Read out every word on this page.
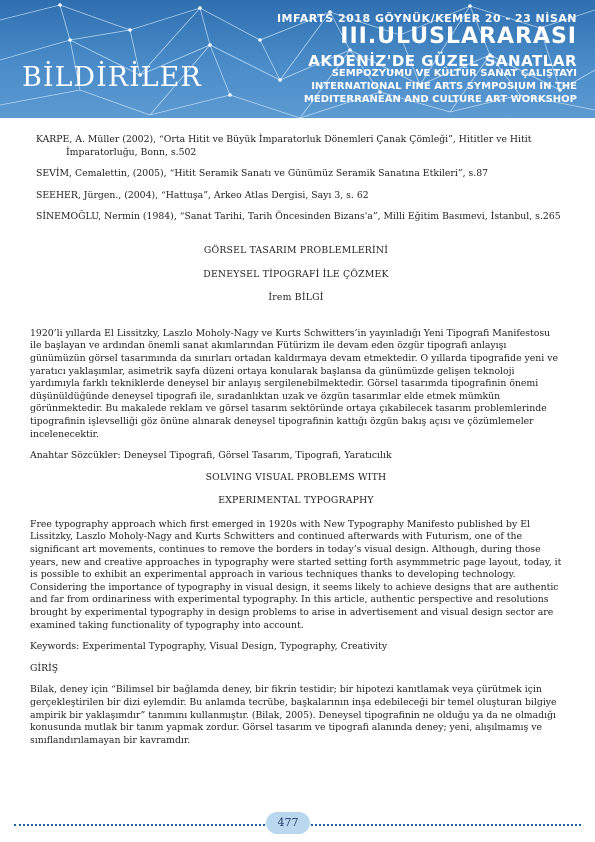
BİLDİRİLER
IMFARTS 2018 GÖYNÜK/KEMER 20 - 23 NİSAN
III.ULUSLARARASI
AKDENİZ'DE GÜZEL SANATLAR
SEMPOZYUMU VE KÜLTÜR SANAT ÇALIŞTAYI
INTERNATIONAL FINE ARTS SYMPOSIUM IN THE
MEDITERRANEAN AND CULTURE ART WORKSHOP

KARPE, A. Müller (2002), “Orta Hitit ve Büyük İmparatorluk Dönemleri Çanak Çömleği”, Hititler ve Hitit İmparatorluğu, Bonn, s.502

SEVİM, Cemalettin, (2005), “Hitit Seramik Sanatı ve Günümüz Seramik Sanatına Etkileri”, s.87

SEEHER, Jürgen., (2004), “Hattuşa”, Arkeo Atlas Dergisi, Sayı 3, s. 62

SİNEMOĞLU, Nermin (1984), “Sanat Tarihi, Tarih Öncesinden Bizans'a”, Milli Eğitim Basımevi, İstanbul, s.265

GÖRSEL TASARIM PROBLEMLERİNİ

DENEYSEL TİPOGRAFİ İLE ÇÖZMEK

İrem BİLGİ

1920’li yıllarda El Lissitzky, Laszlo Moholy-Nagy ve Kurts Schwitters’in yayınladığı Yeni Tipografi Manifestosu ile başlayan ve ardından önemli sanat akımlarından Fütürizm ile devam eden özgür tipografi anlayışı günümüzün görsel tasarımında da sınırları ortadan kaldırmaya devam etmektedir. O yıllarda tipografide yeni ve yaratıcı yaklaşımlar, asimetrik sayfa düzeni ortaya konularak başlansa da günümüzde gelişen teknoloji yardımıyla farklı tekniklerde deneysel bir anlayış sergilenebilmektedir. Görsel tasarımda tipografinin önemi düşünüldüğünde deneysel tipografi ile, sıradanlıktan uzak ve özgün tasarımlar elde etmek mümkün görünmektedir. Bu makalede reklam ve görsel tasarım sektöründe ortaya çıkabilecek tasarım problemlerinde tipografinin işlevselliği göz önüne alınarak deneysel tipografinin kattığı özgün bakış açısı ve çözümlemeler incelenecektir.

Anahtar Sözcükler: Deneysel Tipografi, Görsel Tasarım, Tipografi, Yaratıcılık

SOLVING VISUAL PROBLEMS WITH

EXPERIMENTAL TYPOGRAPHY

Free typography approach which first emerged in 1920s with New Typography Manifesto published by El Lissitzky, Laszlo Moholy-Nagy and Kurts Schwitters and continued afterwards with Futurism, one of the significant art movements, continues to remove the borders in today’s visual design. Although, during those years, new and creative approaches in typography were started setting forth asymmmetric page layout, today, it is possible to exhibit an experimental approach in various techniques thanks to developing technology. Considering the importance of typography in visual design, it seems likely to achieve designs that are authentic and far from ordinariness with experimental typography. In this article, authentic perspective and resolutions brought by experimental typography in design problems to arise in advertisement and visual design sector are examined taking functionality of typography into account.

Keywords: Experimental Typography, Visual Design, Typography, Creativity

GİRİŞ

Bilak, deney için “Bilimsel bir bağlamda deney, bir fikrin testidir; bir hipotezi kanıtlamak veya çürütmek için gerçekleştirilen bir dizi eylemdir. Bu anlamda tecrübe, başkalarının inşa edebileceği bir temel oluşturan bilgiye ampirik bir yaklaşımdır” tanımını kullanmıştır. (Bilak, 2005). Deneysel tipografinin ne olduğu ya da ne olmadığı konusunda mutlak bir tanım yapmak zordur. Görsel tasarım ve tipografi alanında deney; yeni, alışılmamış ve sınıflandırılamayan bir kavramdır.

477
